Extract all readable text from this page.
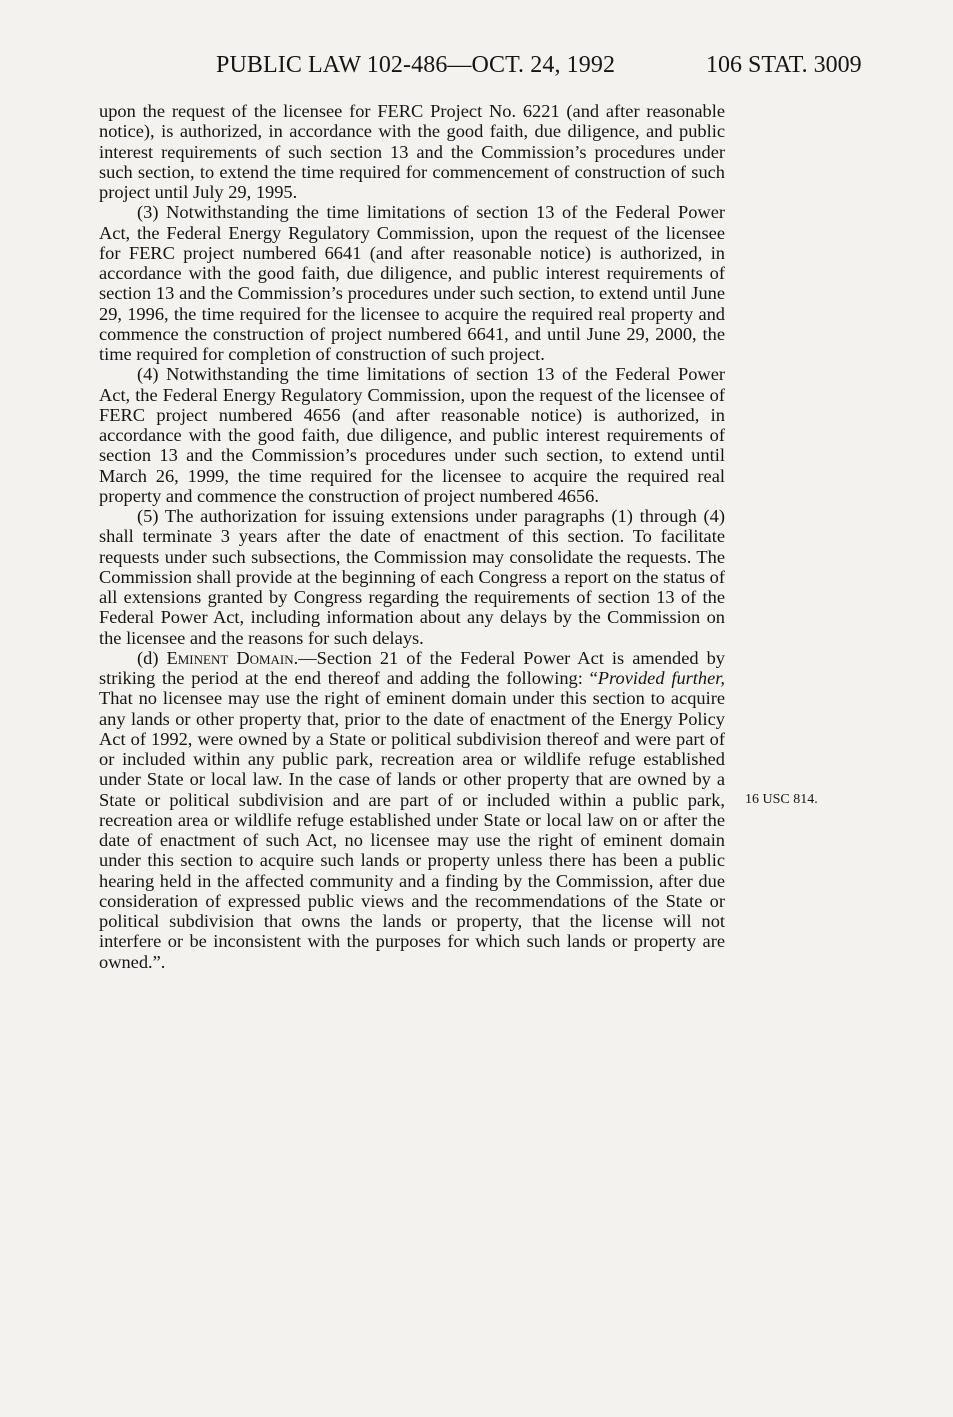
PUBLIC LAW 102-486—OCT. 24, 1992	106 STAT. 3009

upon the request of the licensee for FERC Project No. 6221 (and after reasonable notice), is authorized, in accordance with the good faith, due diligence, and public interest requirements of such section 13 and the Commission’s procedures under such section, to extend the time required for commencement of construction of such project until July 29, 1995.

(3) Notwithstanding the time limitations of section 13 of the Federal Power Act, the Federal Energy Regulatory Commission, upon the request of the licensee for FERC project numbered 6641 (and after reasonable notice) is authorized, in accordance with the good faith, due diligence, and public interest requirements of section 13 and the Commission’s procedures under such section, to extend until June 29, 1996, the time required for the licensee to acquire the required real property and commence the construction of project numbered 6641, and until June 29, 2000, the time required for completion of construction of such project.

(4) Notwithstanding the time limitations of section 13 of the Federal Power Act, the Federal Energy Regulatory Commission, upon the request of the licensee of FERC project numbered 4656 (and after reasonable notice) is authorized, in accordance with the good faith, due diligence, and public interest requirements of section 13 and the Commission’s procedures under such section, to extend until March 26, 1999, the time required for the licensee to acquire the required real property and commence the construction of project numbered 4656.

(5) The authorization for issuing extensions under paragraphs (1) through (4) shall terminate 3 years after the date of enactment of this section. To facilitate requests under such subsections, the Commission may consolidate the requests. The Commission shall provide at the beginning of each Congress a report on the status of all extensions granted by Congress regarding the requirements of section 13 of the Federal Power Act, including information about any delays by the Commission on the licensee and the reasons for such delays.

(d) Eminent Domain.—Section 21 of the Federal Power Act is amended by striking the period at the end thereof and adding the following: “Provided further, That no licensee may use the right of eminent domain under this section to acquire any lands or other property that, prior to the date of enactment of the Energy Policy Act of 1992, were owned by a State or political subdivision thereof and were part of or included within any public park, recreation area or wildlife refuge established under State or local law. In the case of lands or other property that are owned by a State or political subdivision and are part of or included within a public park, recreation area or wildlife refuge established under State or local law on or after the date of enactment of such Act, no licensee may use the right of eminent domain under this section to acquire such lands or property unless there has been a public hearing held in the affected community and a finding by the Commission, after due consideration of expressed public views and the recommendations of the State or political subdivision that owns the lands or property, that the license will not interfere or be inconsistent with the purposes for which such lands or property are owned.”.

16 USC 814.
